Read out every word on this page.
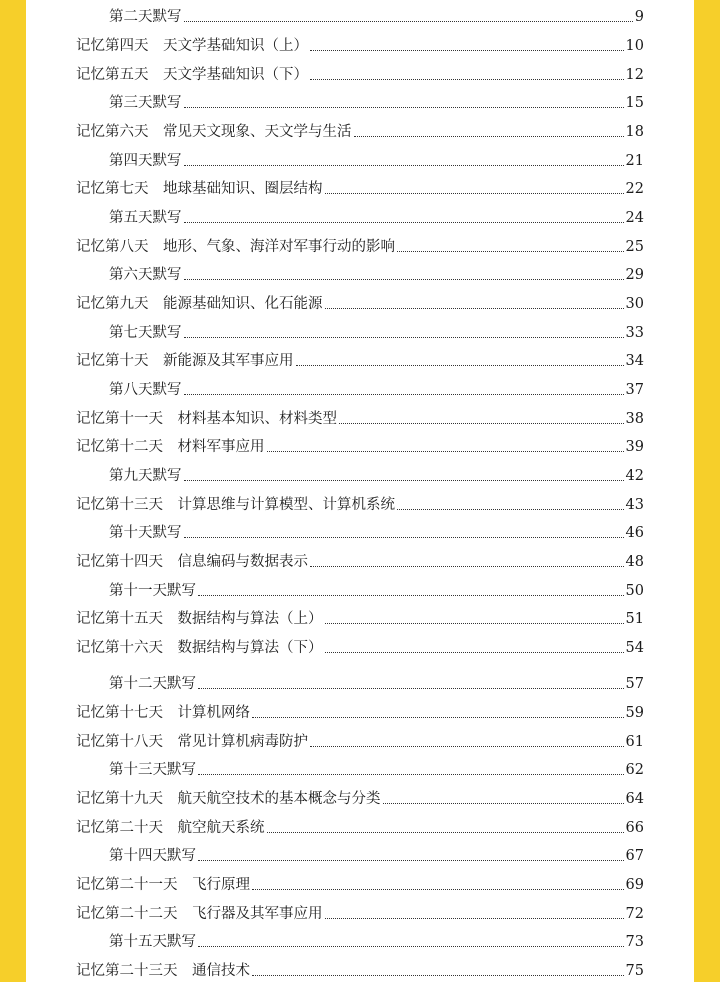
第二天默写	9
记忆第四天　天文学基础知识（上）	10
记忆第五天　天文学基础知识（下）	12
第三天默写	15
记忆第六天　常见天文现象、天文学与生活	18
第四天默写	21
记忆第七天　地球基础知识、圈层结构	22
第五天默写	24
记忆第八天　地形、气象、海洋对军事行动的影响	25
第六天默写	29
记忆第九天　能源基础知识、化石能源	30
第七天默写	33
记忆第十天　新能源及其军事应用	34
第八天默写	37
记忆第十一天　材料基本知识、材料类型	38
记忆第十二天　材料军事应用	39
第九天默写	42
记忆第十三天　计算思维与计算模型、计算机系统	43
第十天默写	46
记忆第十四天　信息编码与数据表示	48
第十一天默写	50
记忆第十五天　数据结构与算法（上）	51
记忆第十六天　数据结构与算法（下）	54
第十二天默写	57
记忆第十七天　计算机网络	59
记忆第十八天　常见计算机病毒防护	61
第十三天默写	62
记忆第十九天　航天航空技术的基本概念与分类	64
记忆第二十天　航空航天系统	66
第十四天默写	67
记忆第二十一天　飞行原理	69
记忆第二十二天　飞行器及其军事应用	72
第十五天默写	73
记忆第二十三天　通信技术	75
